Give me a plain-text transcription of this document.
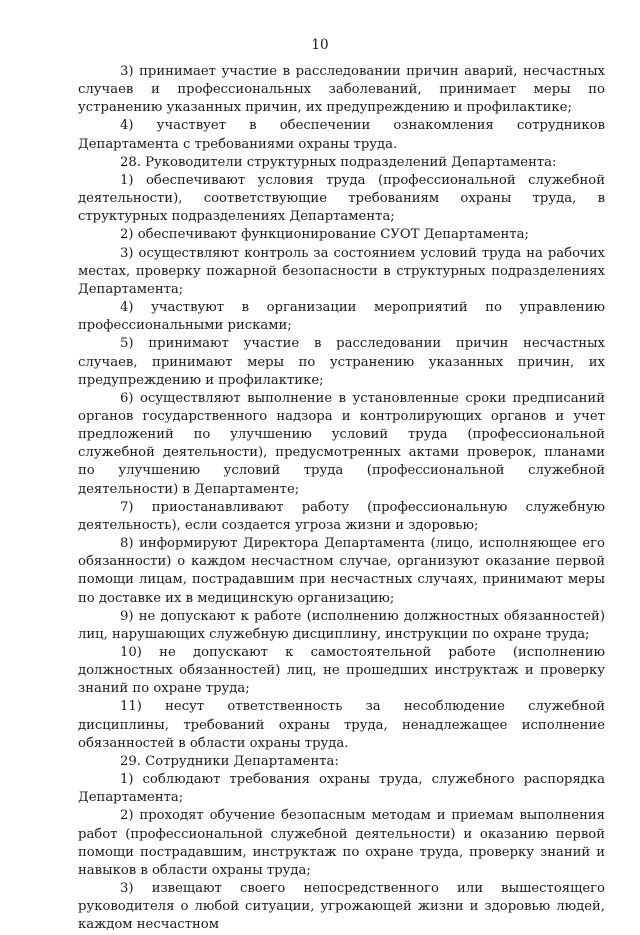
10

3) принимает участие в расследовании причин аварий, несчастных случаев и профессиональных заболеваний, принимает меры по устранению указанных причин, их предупреждению и профилактике;

4) участвует в обеспечении ознакомления сотрудников Департамента с требованиями охраны труда.

28. Руководители структурных подразделений Департамента:

1) обеспечивают условия труда (профессиональной служебной деятельности), соответствующие требованиям охраны труда, в структурных подразделениях Департамента;

2) обеспечивают функционирование СУОТ Департамента;

3) осуществляют контроль за состоянием условий труда на рабочих местах, проверку пожарной безопасности в структурных подразделениях Департамента;

4) участвуют в организации мероприятий по управлению профессиональными рисками;

5) принимают участие в расследовании причин несчастных случаев, принимают меры по устранению указанных причин, их предупреждению и профилактике;

6) осуществляют выполнение в установленные сроки предписаний органов государственного надзора и контролирующих органов и учет предложений по улучшению условий труда (профессиональной служебной деятельности), предусмотренных актами проверок, планами по улучшению условий труда (профессиональной служебной деятельности) в Департаменте;

7) приостанавливают работу (профессиональную служебную деятельность), если создается угроза жизни и здоровью;

8) информируют Директора Департамента (лицо, исполняющее его обязанности) о каждом несчастном случае, организуют оказание первой помощи лицам, пострадавшим при несчастных случаях, принимают меры по доставке их в медицинскую организацию;

9) не допускают к работе (исполнению должностных обязанностей) лиц, нарушающих служебную дисциплину, инструкции по охране труда;

10) не допускают к самостоятельной работе (исполнению должностных обязанностей) лиц, не прошедших инструктаж и проверку знаний по охране труда;

11) несут ответственность за несоблюдение служебной дисциплины, требований охраны труда, ненадлежащее исполнение обязанностей в области охраны труда.

29. Сотрудники Департамента:

1) соблюдают требования охраны труда, служебного распорядка Департамента;

2) проходят обучение безопасным методам и приемам выполнения работ (профессиональной служебной деятельности) и оказанию первой помощи пострадавшим, инструктаж по охране труда, проверку знаний и навыков в области охраны труда;

3) извещают своего непосредственного или вышестоящего руководителя о любой ситуации, угрожающей жизни и здоровью людей, каждом несчастном
